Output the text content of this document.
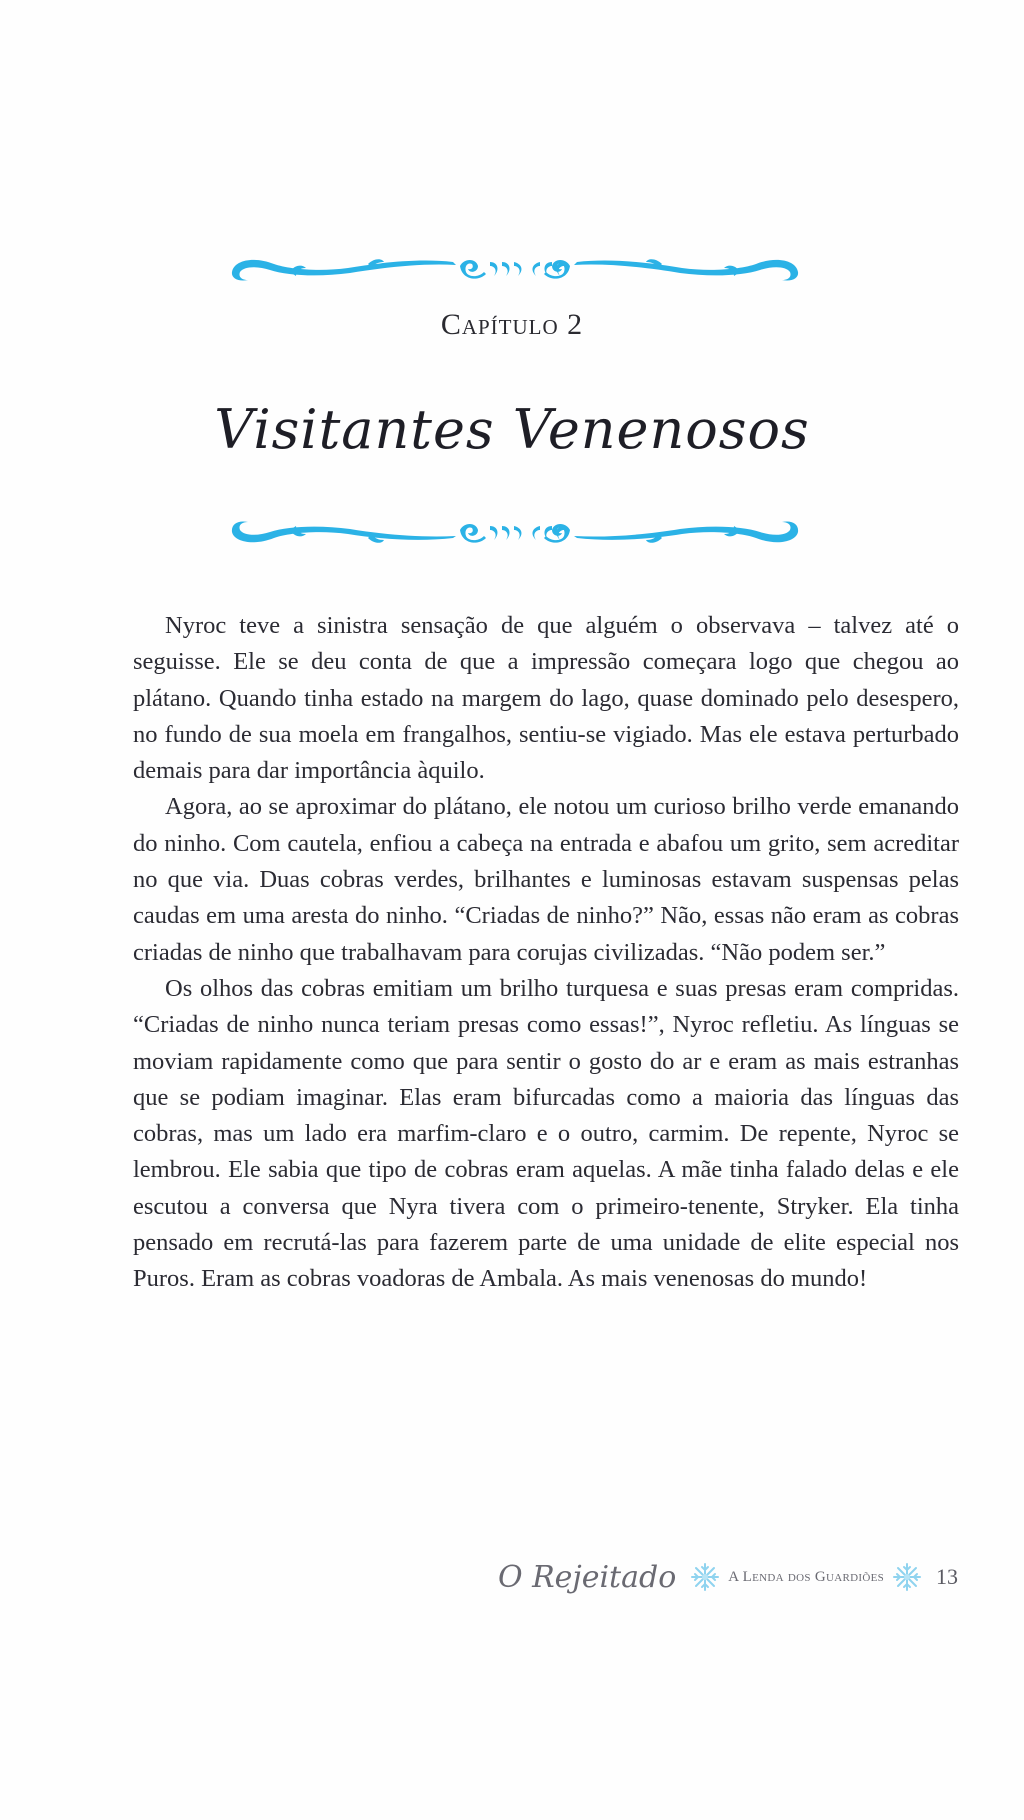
Capítulo 2
Visitantes Venenosos

Nyroc teve a sinistra sensação de que alguém o observava – talvez até o seguisse. Ele se deu conta de que a impressão começara logo que chegou ao plátano. Quando tinha estado na margem do lago, quase dominado pelo desespero, no fundo de sua moela em frangalhos, sentiu-se vigiado. Mas ele estava perturbado demais para dar importância àquilo.

Agora, ao se aproximar do plátano, ele notou um curioso brilho verde emanando do ninho. Com cautela, enfiou a cabeça na entrada e abafou um grito, sem acreditar no que via. Duas cobras verdes, brilhantes e luminosas estavam suspensas pelas caudas em uma aresta do ninho. “Criadas de ninho?” Não, essas não eram as cobras criadas de ninho que trabalhavam para corujas civilizadas. “Não podem ser.”

Os olhos das cobras emitiam um brilho turquesa e suas presas eram compridas. “Criadas de ninho nunca teriam presas como essas!”, Nyroc refletiu. As línguas se moviam rapidamente como que para sentir o gosto do ar e eram as mais estranhas que se podiam imaginar. Elas eram bifurcadas como a maioria das línguas das cobras, mas um lado era marfim-claro e o outro, carmim. De repente, Nyroc se lembrou. Ele sabia que tipo de cobras eram aquelas. A mãe tinha falado delas e ele escutou a conversa que Nyra tivera com o primeiro-tenente, Stryker. Ela tinha pensado em recrutá-las para fazerem parte de uma unidade de elite especial nos Puros. Eram as cobras voadoras de Ambala. As mais venenosas do mundo!

O Rejeitado	A Lenda dos Guardiões 13
